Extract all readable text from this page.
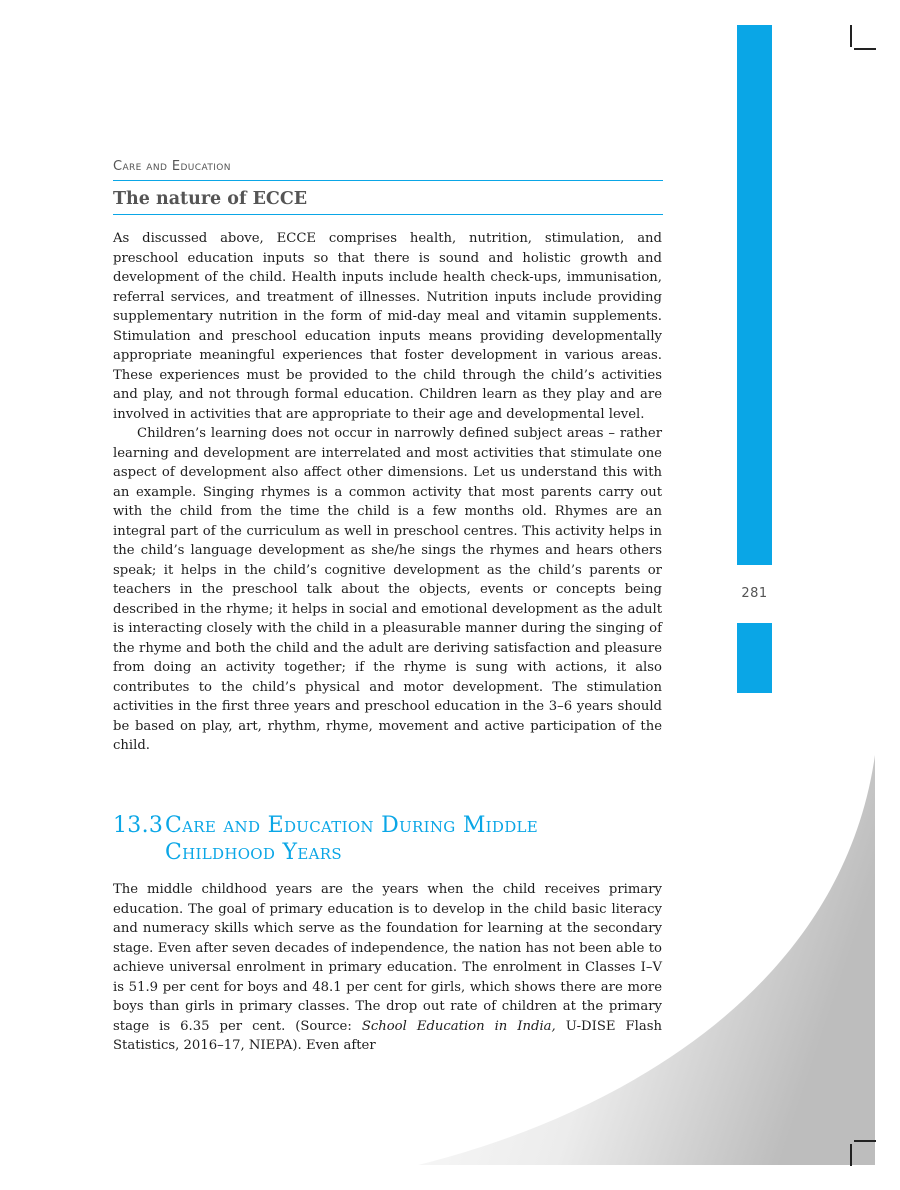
281
Care and Education
The nature of ECCE

As discussed above, ECCE comprises health, nutrition, stimulation, and preschool education inputs so that there is sound and holistic growth and development of the child. Health inputs include health check-ups, immunisation, referral services, and treatment of illnesses. Nutrition inputs include providing supplementary nutrition in the form of mid-day meal and vitamin supplements. Stimulation and preschool education inputs means providing developmentally appropriate meaningful experiences that foster development in various areas. These experiences must be provided to the child through the child’s activities and play, and not through formal education. Children learn as they play and are involved in activities that are appropriate to their age and developmental level.

Children’s learning does not occur in narrowly defined subject areas – rather learning and development are interrelated and most activities that stimulate one aspect of development also affect other dimensions. Let us understand this with an example. Singing rhymes is a common activity that most parents carry out with the child from the time the child is a few months old. Rhymes are an integral part of the curriculum as well in preschool centres. This activity helps in the child’s language development as she/he sings the rhymes and hears others speak; it helps in the child’s cognitive development as the child’s parents or teachers in the preschool talk about the objects, events or concepts being described in the rhyme; it helps in social and emotional development as the adult is interacting closely with the child in a pleasurable manner during the singing of the rhyme and both the child and the adult are deriving satisfaction and pleasure from doing an activity together; if the rhyme is sung with actions, it also contributes to the child’s physical and motor development. The stimulation activities in the first three years and preschool education in the 3–6 years should be based on play, art, rhythm, rhyme, movement and active participation of the child.

13.3Care and Education During Middle
Childhood Years

The middle childhood years are the years when the child receives primary education. The goal of primary education is to develop in the child basic literacy and numeracy skills which serve as the foundation for learning at the secondary stage. Even after seven decades of independence, the nation has not been able to achieve universal enrolment in primary education. The enrolment in Classes I–V is 51.9 per cent for boys and 48.1 per cent for girls, which shows there are more boys than girls in primary classes. The drop out rate of children at the primary stage is 6.35 per cent. (Source: School Education in India, U-DISE Flash Statistics, 2016–17, NIEPA). Even after
